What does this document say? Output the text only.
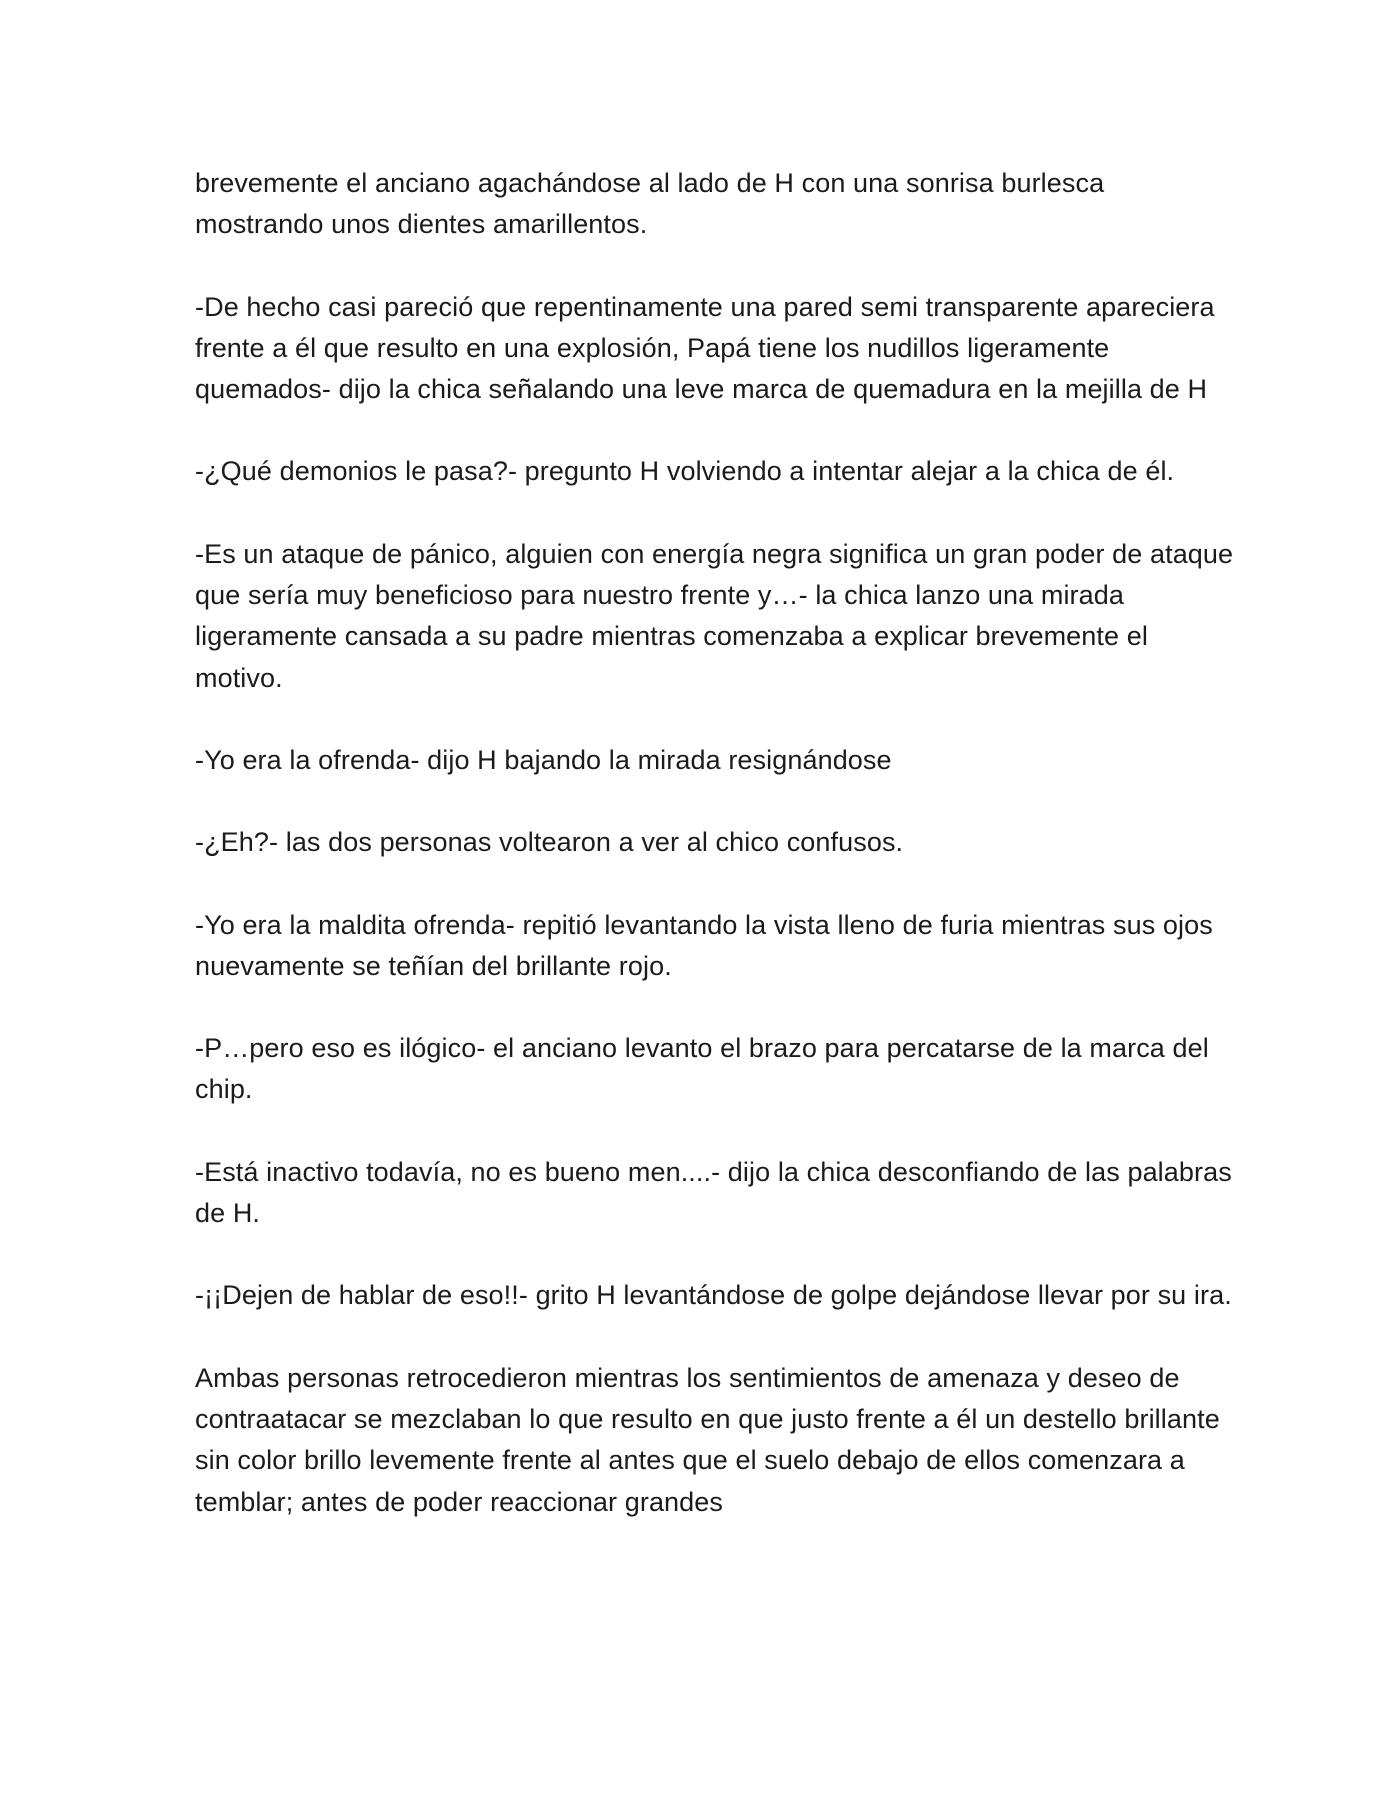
brevemente el anciano agachándose al lado de H con una sonrisa burlesca mostrando unos dientes amarillentos.

-De hecho casi pareció que repentinamente una pared semi transparente apareciera frente a él que resulto en una explosión, Papá tiene los nudillos ligeramente quemados- dijo la chica señalando una leve marca de quemadura en la mejilla de H

-¿Qué demonios le pasa?- pregunto H volviendo a intentar alejar a la chica de él.

-Es un ataque de pánico, alguien con energía negra significa un gran poder de ataque que sería muy beneficioso para nuestro frente y…- la chica lanzo una mirada ligeramente cansada a su padre mientras comenzaba a explicar brevemente el motivo.

-Yo era la ofrenda- dijo H bajando la mirada resignándose

-¿Eh?- las dos personas voltearon a ver al chico confusos.

-Yo era la maldita ofrenda- repitió levantando la vista lleno de furia mientras sus ojos nuevamente se teñían del brillante rojo.

-P…pero eso es ilógico- el anciano levanto el brazo para percatarse de la marca del chip.

-Está inactivo todavía, no es bueno men....- dijo la chica desconfiando de las palabras de H.

-¡¡Dejen de hablar de eso!!- grito H levantándose de golpe dejándose llevar por su ira.

Ambas personas retrocedieron mientras los sentimientos de amenaza y deseo de contraatacar se mezclaban lo que resulto en que justo frente a él un destello brillante sin color brillo levemente frente al antes que el suelo debajo de ellos comenzara a temblar; antes de poder reaccionar grandes
